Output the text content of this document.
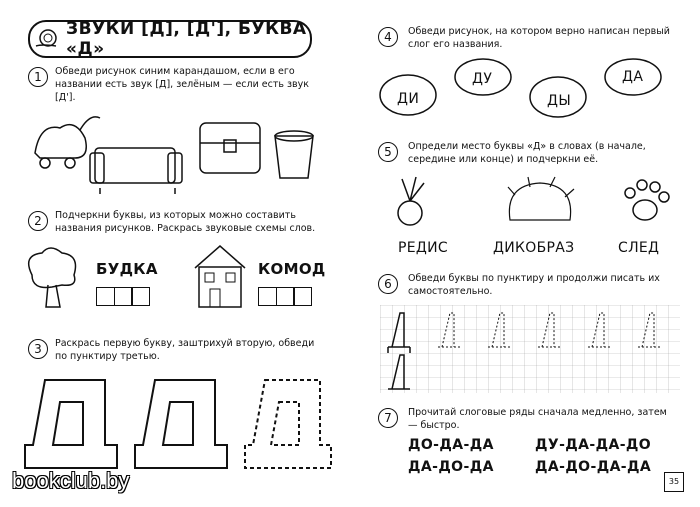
ЗВУКИ [Д], [Д'], БУКВА «Д»
1	Обведи рисунок синим карандашом, если в его названии есть звук [Д], зелёным — если есть звук [Д'].
2	Подчеркни буквы, из которых можно составить названия рисунков. Раскрась звуковые схемы слов.
БУДКА	КОМОД
3	Раскрась первую букву, заштрихуй вторую, обведи по пунктиру третью.
bookclub.by
4	Обведи рисунок, на котором верно написан первый слог его названия.
ДИ
ДУ
ДЫ
ДА
5	Определи место буквы «Д» в словах (в начале, середине или конце) и подчеркни её.
РЕДИС	ДИКОБРАЗ	СЛЕД
6	Обведи буквы по пунктиру и продолжи писать их самостоятельно.
7	Прочитай слоговые ряды сначала медленно, затем — быстро.
ДО-ДА-ДА	ДУ-ДА-ДА-ДО
ДА-ДО-ДА	ДА-ДО-ДА-ДА
35
